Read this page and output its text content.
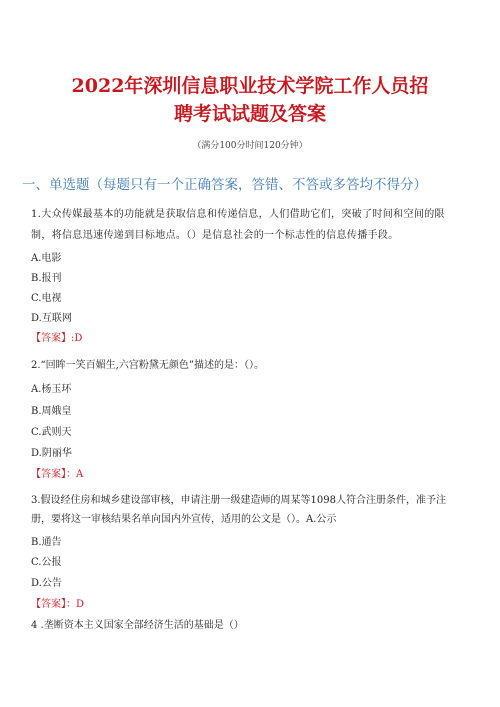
2022年深圳信息职业技术学院工作人员招
聘考试试题及答案
（满分100分时间120分钟）
一、单选题（每题只有一个正确答案，答错、不答或多答均不得分）
1.大众传媒最基本的功能就是获取信息和传递信息，人们借助它们，突破了时间和空间的限
制，将信息迅速传递到目标地点。（）是信息社会的一个标志性的信息传播手段。
A.电影
B.报刊
C.电视
D.互联网
【答案】:D
2.“回眸一笑百媚生,六宫粉黛无颜色”描述的是：（）。
A.杨玉环
B.周娥皇
C.武则天
D.阴丽华
【答案】：A
3.假设经住房和城乡建设部审核，申请注册一级建造师的周某等1098人符合注册条件，准予注
册，要将这一审核结果名单向国内外宣传，适用的公文是（）。A.公示
B.通告
C.公报
D.公告
【答案】：D
4 .垄断资本主义国家全部经济生活的基础是（）
